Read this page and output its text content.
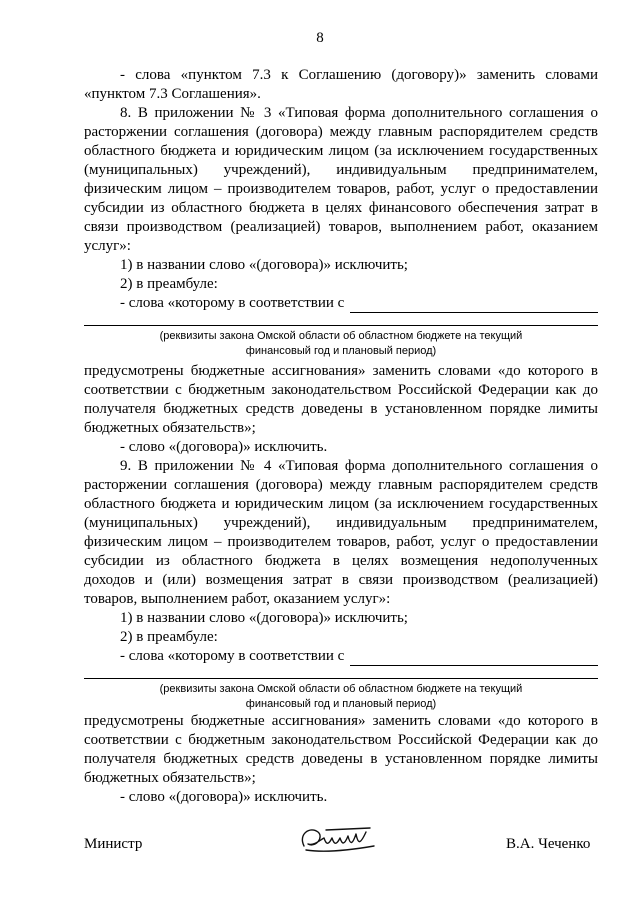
8
- слова «пунктом 7.3 к Соглашению (договору)» заменить словами
«пунктом 7.3 Соглашения».
8. В приложении № 3 «Типовая форма дополнительного соглашения о
расторжении соглашения (договора) между главным распорядителем средств
областного бюджета и юридическим лицом (за исключением государственных
(муниципальных) учреждений), индивидуальным предпринимателем,
физическим лицом – производителем товаров, работ, услуг о предоставлении
субсидии из областного бюджета в целях финансового обеспечения затрат в
связи производством (реализацией) товаров, выполнением работ, оказанием
услуг»:
1) в названии слово «(договора)» исключить;
2) в преамбуле:
- слова «которому в соответствии с
(реквизиты закона Омской области об областном бюджете на текущий
финансовый год и плановый период)
предусмотрены бюджетные ассигнования» заменить словами «до которого в
соответствии с бюджетным законодательством Российской Федерации как до
получателя бюджетных средств доведены в установленном порядке лимиты
бюджетных обязательств»;
- слово «(договора)» исключить.
9. В приложении № 4 «Типовая форма дополнительного соглашения о
расторжении соглашения (договора) между главным распорядителем средств
областного бюджета и юридическим лицом (за исключением государственных
(муниципальных) учреждений), индивидуальным предпринимателем,
физическим лицом – производителем товаров, работ, услуг о предоставлении
субсидии из областного бюджета в целях возмещения недополученных
доходов и (или) возмещения затрат в связи производством (реализацией)
товаров, выполнением работ, оказанием услуг»:
1) в названии слово «(договора)» исключить;
2) в преамбуле:
- слова «которому в соответствии с
(реквизиты закона Омской области об областном бюджете на текущий
финансовый год и плановый период)
предусмотрены бюджетные ассигнования» заменить словами «до которого в
соответствии с бюджетным законодательством Российской Федерации как до
получателя бюджетных средств доведены в установленном порядке лимиты
бюджетных обязательств»;
- слово «(договора)» исключить.
Министр	В.А. Чеченко
